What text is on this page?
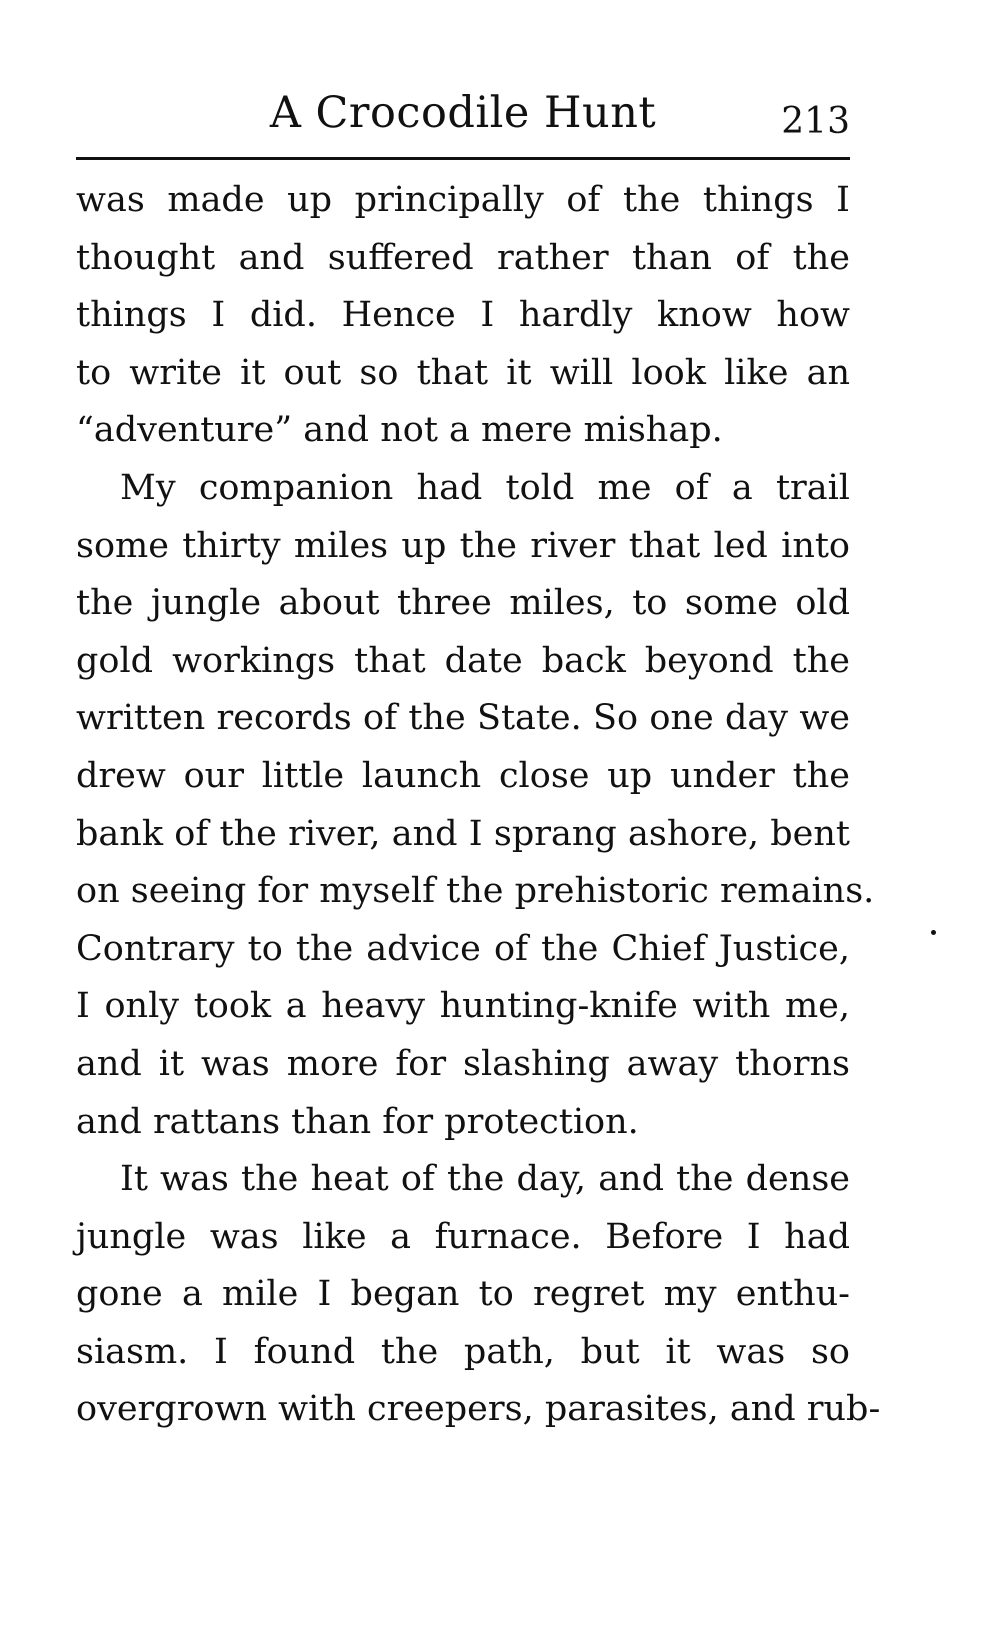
A Crocodile Hunt	213
was made up principally of the things I
thought and suffered rather than of the
things I did. Hence I hardly know how
to write it out so that it will look like an
“adventure” and not a mere mishap.
My companion had told me of a trail
some thirty miles up the river that led into
the jungle about three miles, to some old
gold workings that date back beyond the
written records of the State. So one day we
drew our little launch close up under the
bank of the river, and I sprang ashore, bent
on seeing for myself the prehistoric remains.
Contrary to the advice of the Chief Justice,
I only took a heavy hunting-knife with me,
and it was more for slashing away thorns
and rattans than for protection.
It was the heat of the day, and the dense
jungle was like a furnace. Before I had
gone a mile I began to regret my enthu-
siasm. I found the path, but it was so
overgrown with creepers, parasites, and rub-
